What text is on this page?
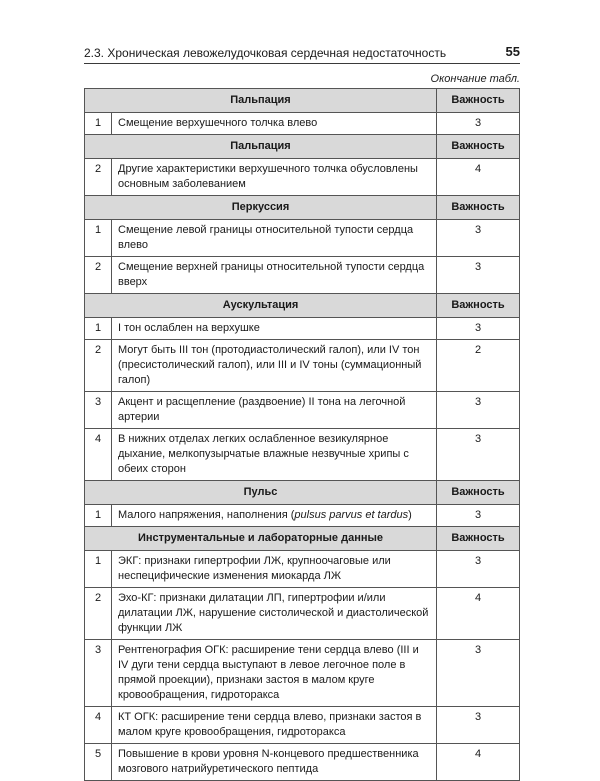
2.3. Хроническая левожелудочковая сердечная недостаточность	55
Окончание табл.
Пальпация		Важность
1	Смещение верхушечного толчка влево	3
Пальпация		Важность
2	Другие характеристики верхушечного толчка обусловлены основным заболеванием	4
Перкуссия		Важность
1	Смещение левой границы относительной тупости сердца влево	3
2	Смещение верхней границы относительной тупости сердца вверх	3
Аускультация		Важность
1	I тон ослаблен на верхушке	3
2	Могут быть III тон (протодиастолический галоп), или IV тон (пресистолический галоп), или III и IV тоны (суммационный галоп)	2
3	Акцент и расщепление (раздвоение) II тона на легочной артерии	3
4	В нижних отделах легких ослабленное везикулярное дыхание, мелкопузырчатые влажные незвучные хрипы с обеих сторон	3
Пульс		Важность
1	Малого напряжения, наполнения (pulsus parvus et tardus)	3
Инструментальные и лабораторные данные		Важность
1	ЭКГ: признаки гипертрофии ЛЖ, крупноочаговые или неспецифические изменения миокарда ЛЖ	3
2	Эхо-КГ: признаки дилатации ЛП, гипертрофии и/или дилатации ЛЖ, нарушение систолической и диастолической функции ЛЖ	4
3	Рентгенография ОГК: расширение тени сердца влево (III и IV дуги тени сердца выступают в левое легочное поле в прямой проекции), признаки застоя в малом круге кровообращения, гидроторакса	3
4	КТ ОГК: расширение тени сердца влево, признаки застоя в малом круге кровообращения, гидроторакса	3
5	Повышение в крови уровня N-концевого предшественника мозгового натрийуретического пептида	4
